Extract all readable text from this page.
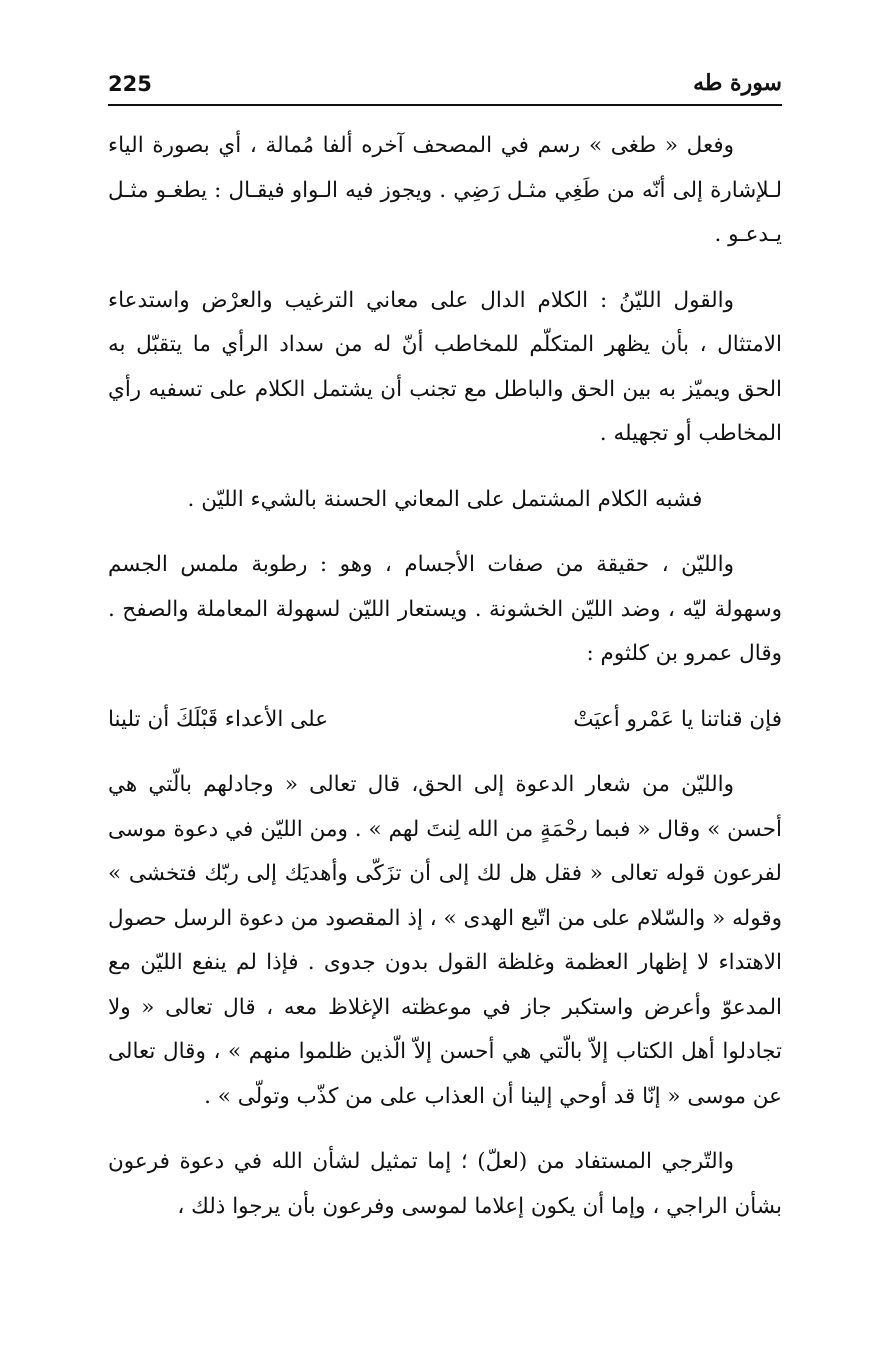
225	سورة طه

وفعل « طغى » رسم في المصحف آخره ألفا مُمالة ، أي بصورة الياء لـلإشارة إلى أنّه من طَغِي مثـل رَضِي . ويجوز فيه الـواو فيقـال : يطغـو مثـل يـدعـو .

والقول الليّنُ : الكلام الدال على معاني الترغيب والعرْض واستدعاء الامتثال ، بأن يظهر المتكلّم للمخاطب أنّ له من سداد الرأي ما يتقبّل به الحق ويميّز به بين الحق والباطل مع تجنب أن يشتمل الكلام على تسفيه رأي المخاطب أو تجهيله .

فشبه الكلام المشتمل على المعاني الحسنة بالشيء الليّن .

والليّن ، حقيقة من صفات الأجسام ، وهو : رطوبة ملمس الجسم وسهولة ليّه ، وضد الليّن الخشونة . ويستعار الليّن لسهولة المعاملة والصفح . وقال عمرو بن كلثوم :

فإن قناتنا يا عَمْرو أعيَتْ
على الأعداء قَبْلَكَ أن تلينا

والليّن من شعار الدعوة إلى الحق، قال تعالى « وجادلهم بالّتي هي أحسن » وقال « فبما رحْمَةٍ من الله لِنتَ لهم » . ومن الليّن في دعوة موسى لفرعون قوله تعالى « فقل هل لك إلى أن تزَكّى وأهديَك إلى ربّك فتخشى » وقوله « والسّلام على من اتّبع الهدى » ، إذ المقصود من دعوة الرسل حصول الاهتداء لا إظهار العظمة وغلظة القول بدون جدوى . فإذا لم ينفع الليّن مع المدعوّ وأعرض واستكبر جاز في موعظته الإغلاظ معه ، قال تعالى « ولا تجادلوا أهل الكتاب إلاّ بالّتي هي أحسن إلاّ الّذين ظلموا منهم » ، وقال تعالى عن موسى « إنّا قد أوحي إلينا أن العذاب على من كذّب وتولّى » .

والتّرجي المستفاد من (لعلّ) ؛ إما تمثيل لشأن الله في دعوة فرعون بشأن الراجي ، وإما أن يكون إعلاما لموسى وفرعون بأن يرجوا ذلك ،
